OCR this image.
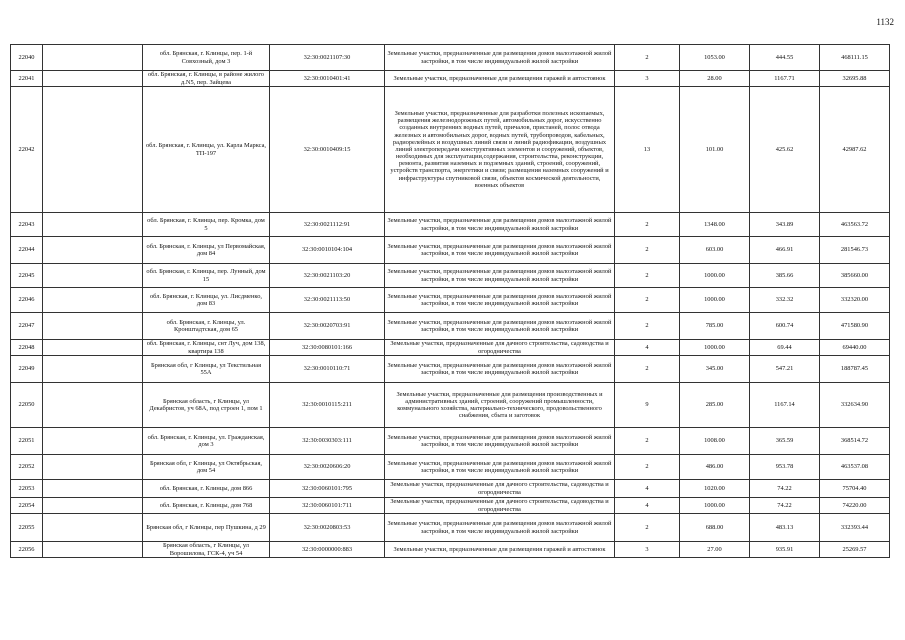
1132
22040		обл. Брянская, г. Клинцы, пер. 1-й Совхозный, дом 3	32:30:0021107:30	Земельные участки, предназначенные для размещения домов малоэтажной жилой застройки, в том числе индивидуальной жилой застройки	2	1053.00	444.55	468111.15
22041		обл. Брянская, г. Клинцы, в районе жилого д.N5, пер. Зайцева	32:30:0010401:41	Земельные участки, предназначенные для размещения гаражей и автостоянок	3	28.00	1167.71	32695.88
22042		обл. Брянская, г. Клинцы, ул. Карла Маркса, ТП-197	32:30:0010409:15	Земельные участки, предназначенные для разработки полезных ископаемых, размещения железнодорожных путей, автомобильных дорог, искусственно созданных внутренних водных путей, причалов, пристаней, полос отвода железных и автомобильных дорог, водных путей, трубопроводов, кабельных, радиорелейных и воздушных линий связи и линий радиофикации, воздушных линий электропередачи конструктивных элементов и сооружений, объектов, необходимых для эксплуатации,содержания, строительства, реконструкции, ремонта, развития наземных и подземных зданий, строений, сооружений, устройств транспорта, энергетики и связи; размещения наземных сооружений и инфраструктуры спутниковой связи, объектов космической деятельности, военных объектов	13	101.00	425.62	42987.62
22043		обл. Брянская, г. Клинцы, пер. Кромка, дом 5	32:30:0021112:91	Земельные участки, предназначенные для размещения домов малоэтажной жилой застройки, в том числе индивидуальной жилой застройки	2	1348.00	343.89	463563.72
22044		обл. Брянская, г. Клинцы, ул Первомайская, дом 84	32:30:0010104:104	Земельные участки, предназначенные для размещения домов малоэтажной жилой застройки, в том числе индивидуальной жилой застройки	2	603.00	466.91	281546.73
22045		обл. Брянская, г. Клинцы, пер. Лунный, дом 15	32:30:0021103:20	Земельные участки, предназначенные для размещения домов малоэтажной жилой застройки, в том числе индивидуальной жилой застройки	2	1000.00	385.66	385660.00
22046		обл. Брянская, г. Клинцы, ул. Лисдменко, дом 83	32:30:0021113:50	Земельные участки, предназначенные для размещения домов малоэтажной жилой застройки, в том числе индивидуальной жилой застройки	2	1000.00	332.32	332320.00
22047		обл. Брянская, г. Клинцы, ул. Кронштадтская, дом 65	32:30:0020703:91	Земельные участки, предназначенные для размещения домов малоэтажной жилой застройки, в том числе индивидуальной жилой застройки	2	785.00	600.74	471580.90
22048		обл. Брянская, г. Клинцы, снт Луч, дом 138, квартира 138	32:30:0080101:166	Земельные участки, предназначенные для дачного строительства, садоводства и огородничества	4	1000.00	69.44	69440.00
22049		Брянская обл, г Клинцы, ул Текстильная 55А	32:30:0010110:71	Земельные участки, предназначенные для размещения домов малоэтажной жилой застройки, в том числе индивидуальной жилой застройки	2	345.00	547.21	188787.45
22050		Брянская область, г Клинцы, ул Декабристов, уч 68А, под строен 1, пом 1	32:30:0010115:211	Земельные участки, предназначенные для размещения производственных и административных зданий, строений, сооружений промышленности, коммунального хозяйства, материально-технического, продовольственного снабжения, сбыта и заготовок	9	285.00	1167.14	332634.90
22051		обл. Брянская, г. Клинцы, ул. Гражданская, дом 3	32:30:0030303:111	Земельные участки, предназначенные для размещения домов малоэтажной жилой застройки, в том числе индивидуальной жилой застройки	2	1008.00	365.59	368514.72
22052		Брянская обл, г Клинцы, ул Октябрьская, дом 54	32:30:0020606:20	Земельные участки, предназначенные для размещения домов малоэтажной жилой застройки, в том числе индивидуальной жилой застройки	2	486.00	953.78	463537.08
22053		обл. Брянская, г. Клинцы, дом 866	32:30:0060101:795	Земельные участки, предназначенные для дачного строительства, садоводства и огородничества	4	1020.00	74.22	75704.40
22054		обл. Брянская, г. Клинцы, дом 768	32:30:0060101:711	Земельные участки, предназначенные для дачного строительства, садоводства и огородничества	4	1000.00	74.22	74220.00
22055		Брянская обл, г Клинцы, пер Пушкина, д 29	32:30:0020803:53	Земельные участки, предназначенные для размещения домов малоэтажной жилой застройки, в том числе индивидуальной жилой застройки	2	688.00	483.13	332393.44
22056		Брянская область, г Клинцы, ул Ворошилова, ГСК-4, уч 54	32:30:0000000:883	Земельные участки, предназначенные для размещения гаражей и автостоянок	3	27.00	935.91	25269.57
